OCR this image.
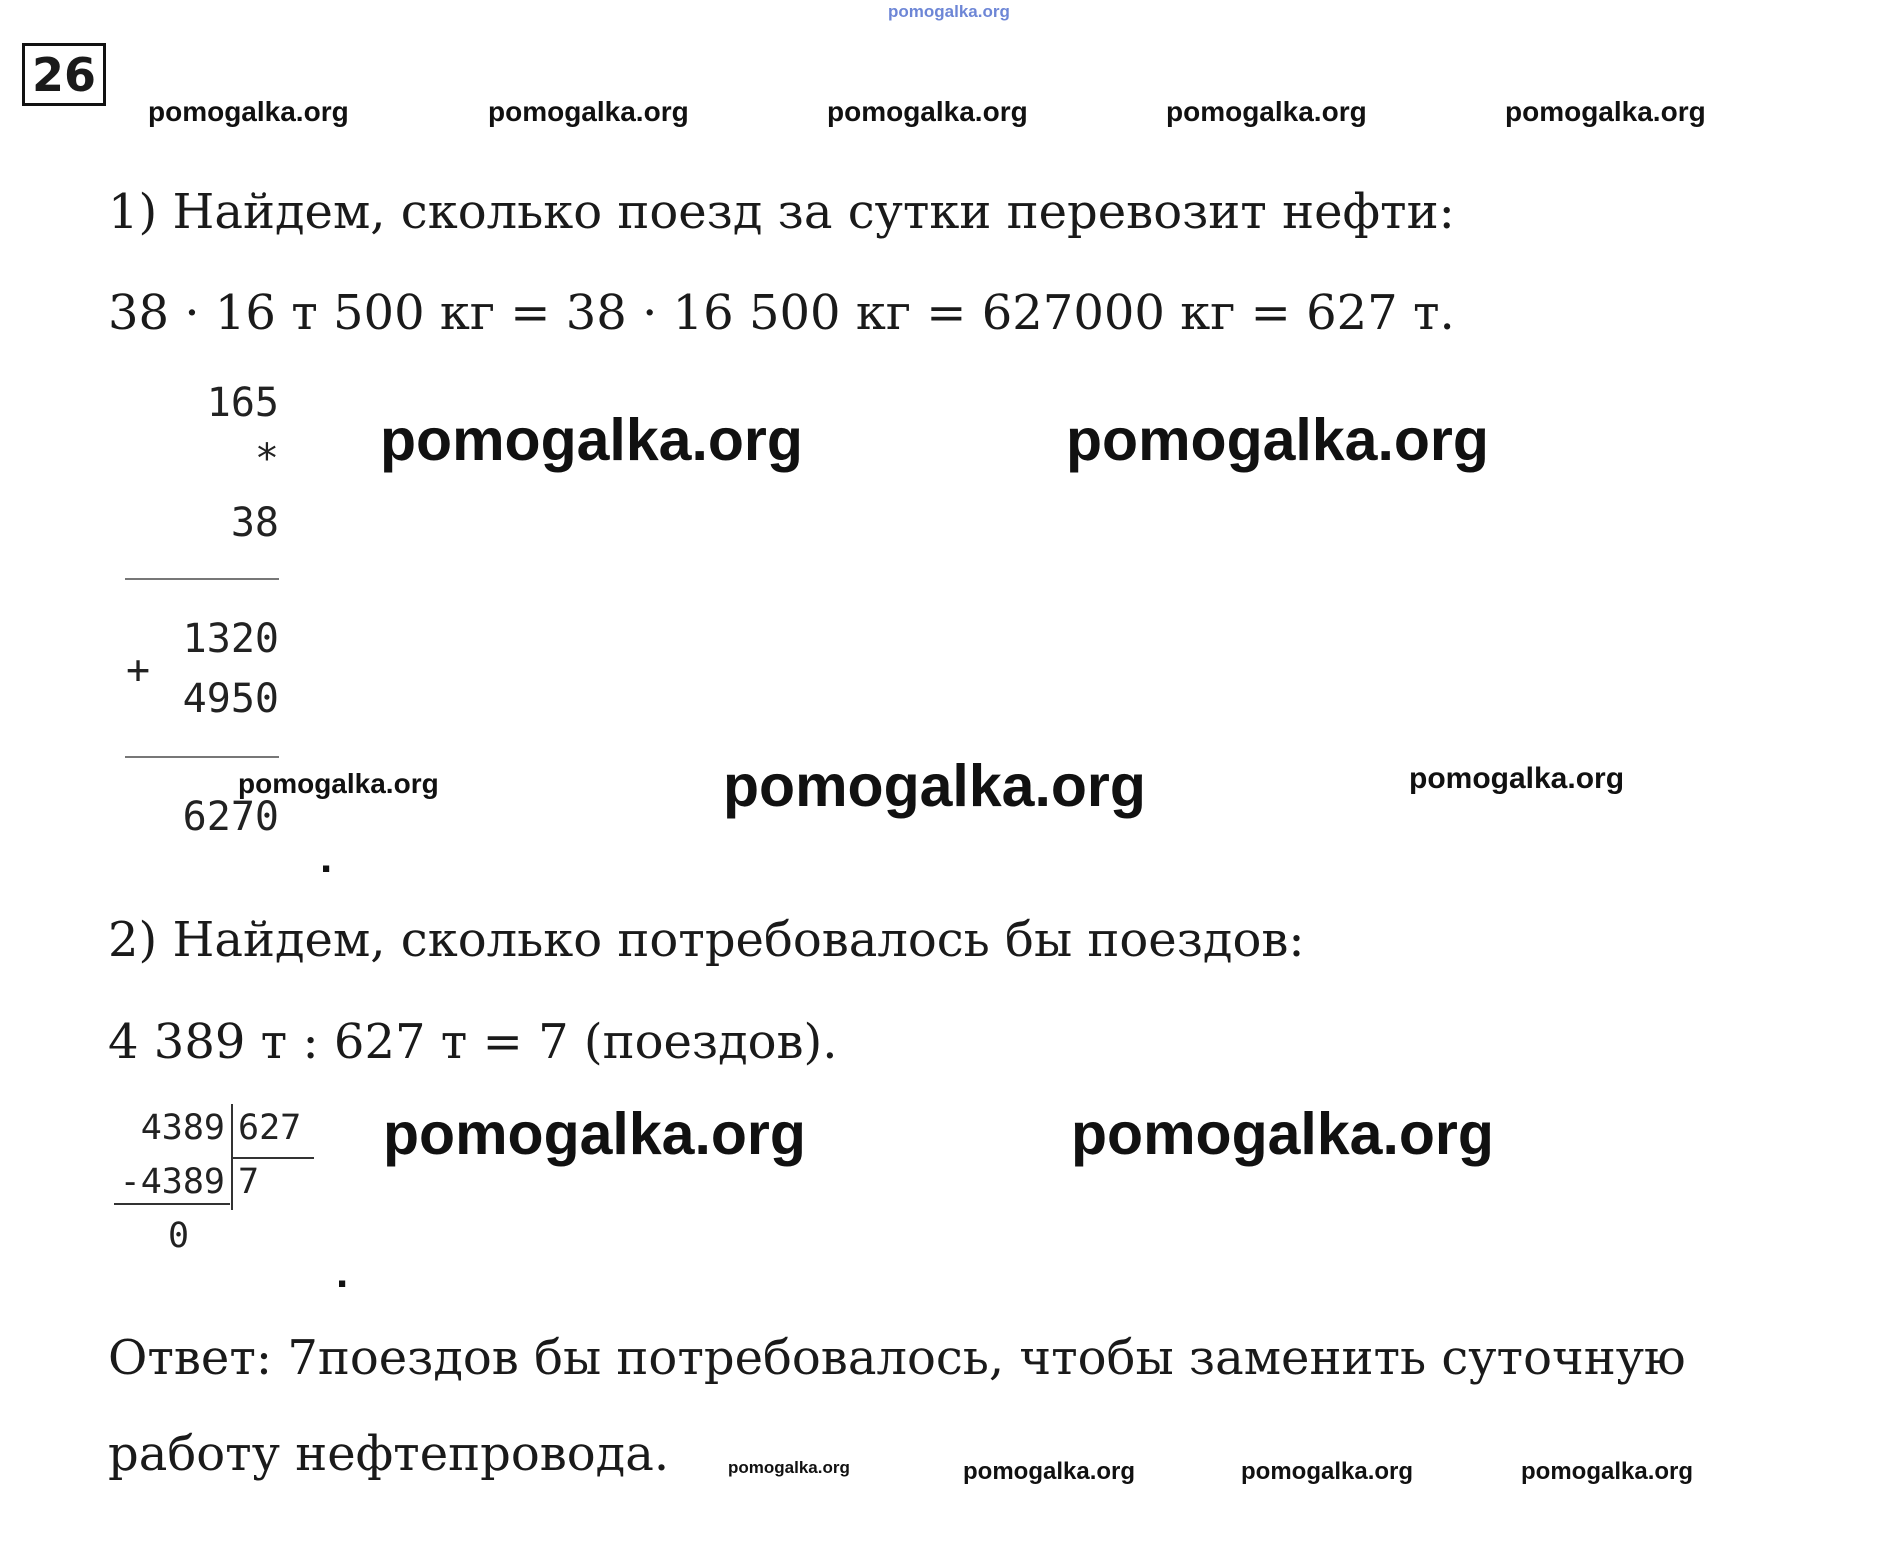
pomogalka.org
26
pomogalka.org	pomogalka.org	pomogalka.org	pomogalka.org	pomogalka.org
1) Найдем, сколько поезд за сутки перевозит нефти:
38 · 16 т 500 кг = 38 · 16 500 кг = 627000 кг = 627 т.
165
*
38
1320
+
4950
6270
.
pomogalka.org	pomogalka.org
pomogalka.org	pomogalka.org	pomogalka.org
2) Найдем, сколько потребовалось бы поездов:
4 389 т : 627 т = 7 (поездов).
4389 627
-4389 7
0
.
pomogalka.org	pomogalka.org
Ответ: 7поездов бы потребовалось, чтобы заменить суточную
работу нефтепровода.	pomogalka.org	pomogalka.org	pomogalka.org	pomogalka.org
